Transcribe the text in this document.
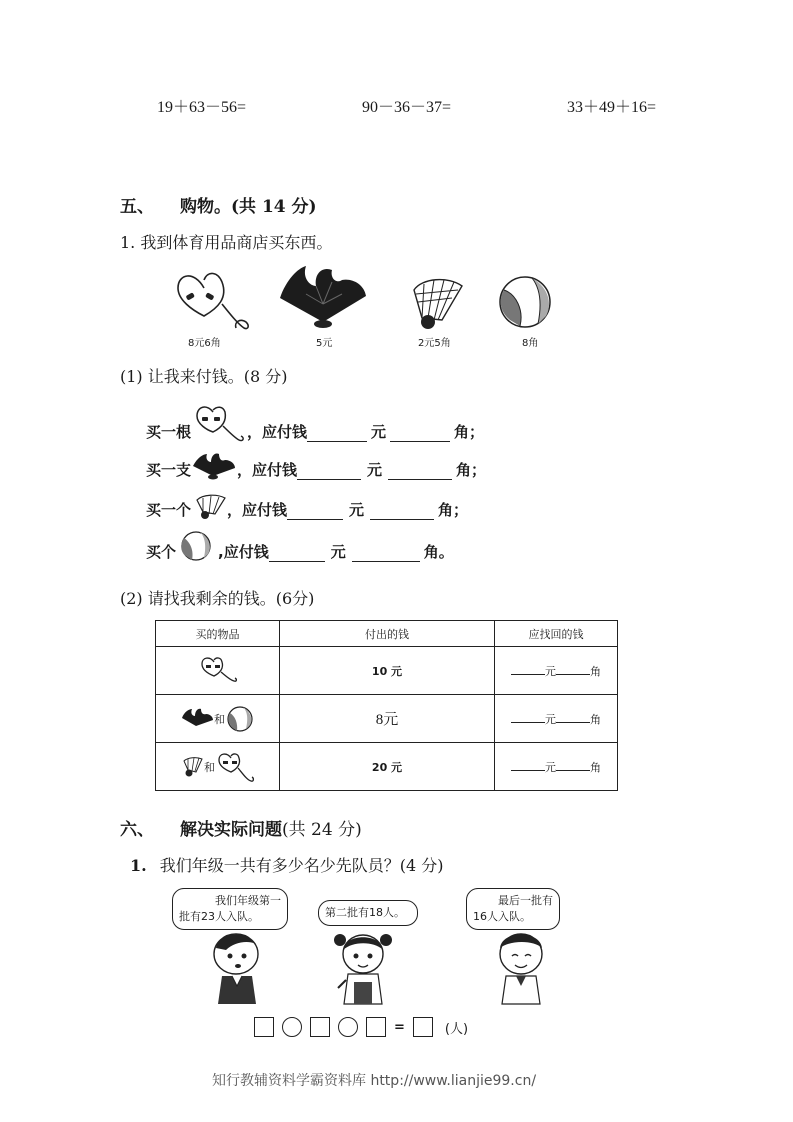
19＋63－56=	90－36－37=	33＋49＋16=
五、 购物。(共 14 分)
1. 我到体育用品商店买东西。
8元6角	5元	2元5角	8角
(1) 让我来付钱。(8 分)
买一根	，应付钱	元	角；
买一支	，应付钱	元	角；
买一个 ，应付钱	元	角；
买个	,应付钱	元	角。
(2) 请找我剩余的钱。(6分)
买的物品	付出的钱	应找回的钱
	10 元	元 角
和	8元	元 角
和	20 元	元 角
六、 解决实际问题(共 24 分)
1. 我们年级一共有多少名少先队员？(4 分)
我们年级第一
批有23人入队。	第二批有18人。
最后一批有
16人入队。
=	(人)
知行教辅资料学霸资料库 http://www.lianjie99.cn/
